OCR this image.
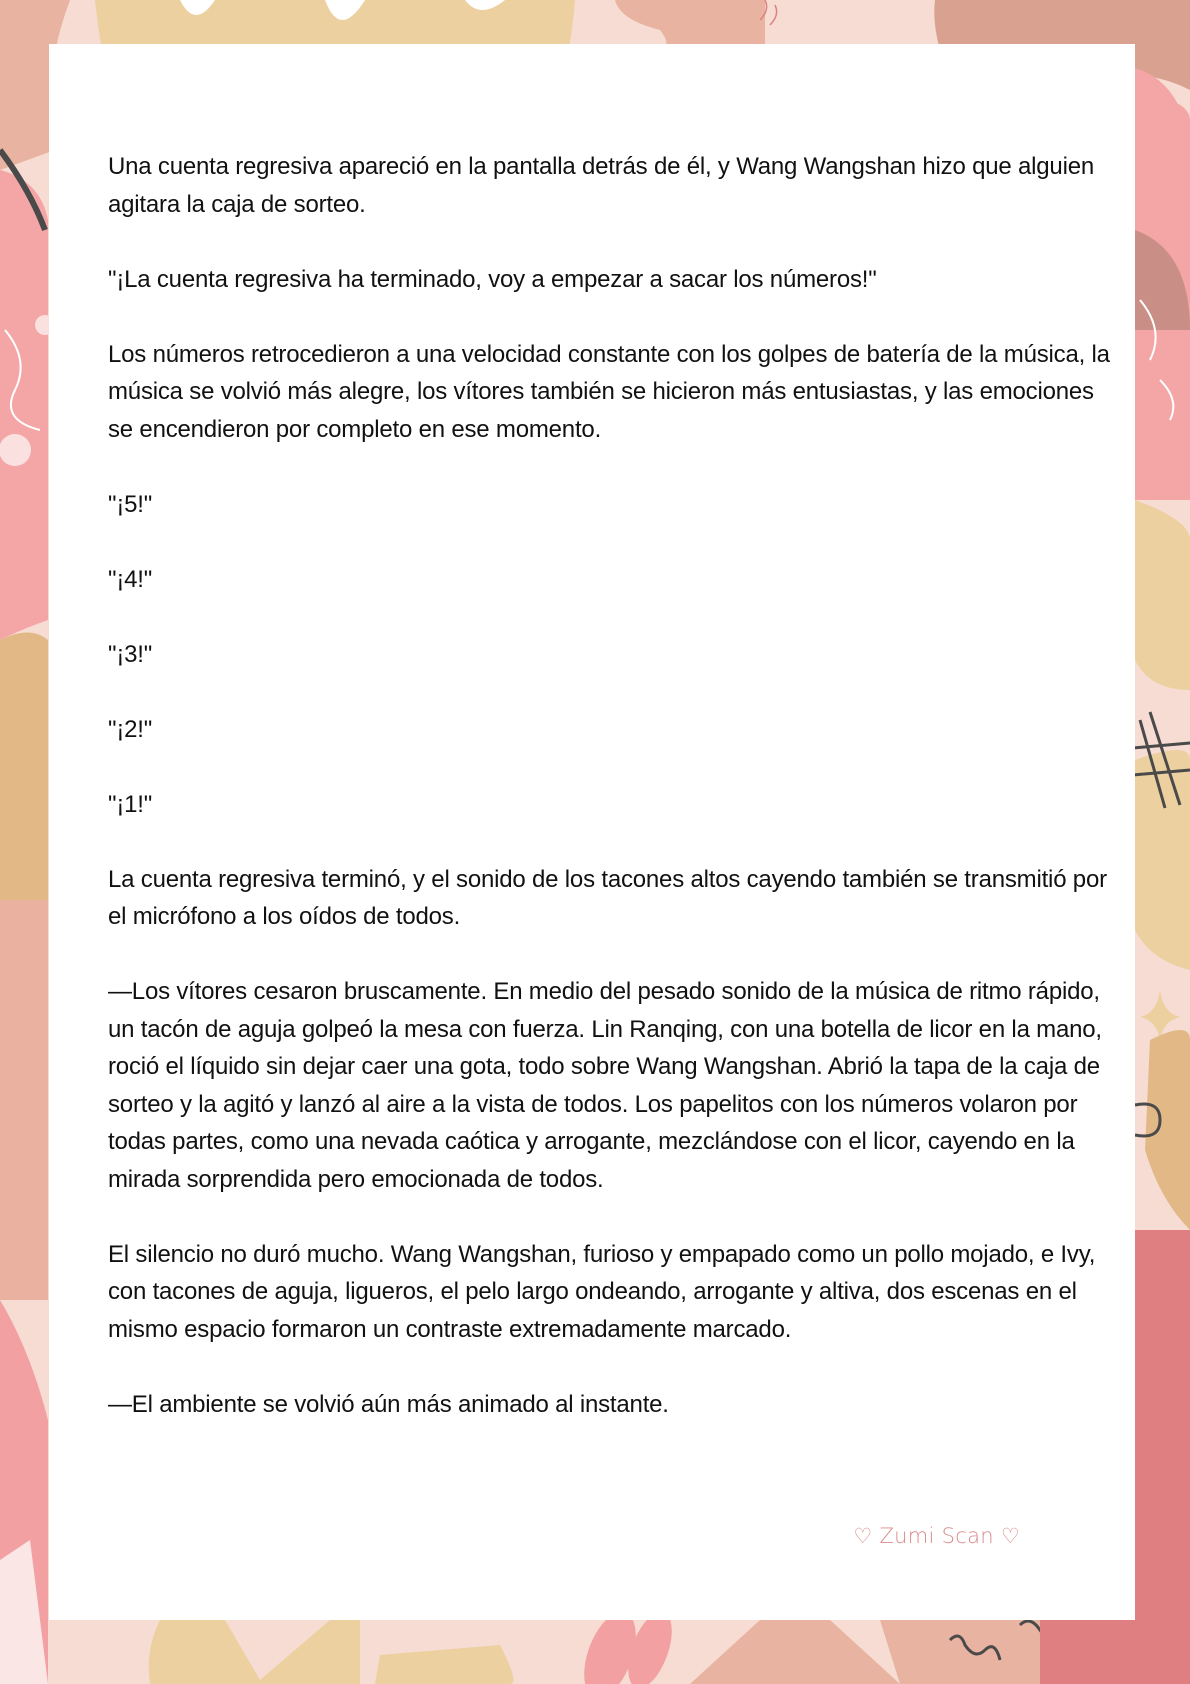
Una cuenta regresiva apareció en la pantalla detrás de él, y Wang Wangshan hizo que alguien agitara la caja de sorteo.

"¡La cuenta regresiva ha terminado, voy a empezar a sacar los números!"

Los números retrocedieron a una velocidad constante con los golpes de batería de la música, la música se volvió más alegre, los vítores también se hicieron más entusiastas, y las emociones se encendieron por completo en ese momento.

"¡5!"

"¡4!"

"¡3!"

"¡2!"

"¡1!"

La cuenta regresiva terminó, y el sonido de los tacones altos cayendo también se transmitió por el micrófono a los oídos de todos.

—Los vítores cesaron bruscamente. En medio del pesado sonido de la música de ritmo rápido, un tacón de aguja golpeó la mesa con fuerza. Lin Ranqing, con una botella de licor en la mano, roció el líquido sin dejar caer una gota, todo sobre Wang Wangshan. Abrió la tapa de la caja de sorteo y la agitó y lanzó al aire a la vista de todos. Los papelitos con los números volaron por todas partes, como una nevada caótica y arrogante, mezclándose con el licor, cayendo en la mirada sorprendida pero emocionada de todos.

El silencio no duró mucho. Wang Wangshan, furioso y empapado como un pollo mojado, e Ivy, con tacones de aguja, ligueros, el pelo largo ondeando, arrogante y altiva, dos escenas en el mismo espacio formaron un contraste extremadamente marcado.

—El ambiente se volvió aún más animado al instante.

♡ Zumi Scan ♡
